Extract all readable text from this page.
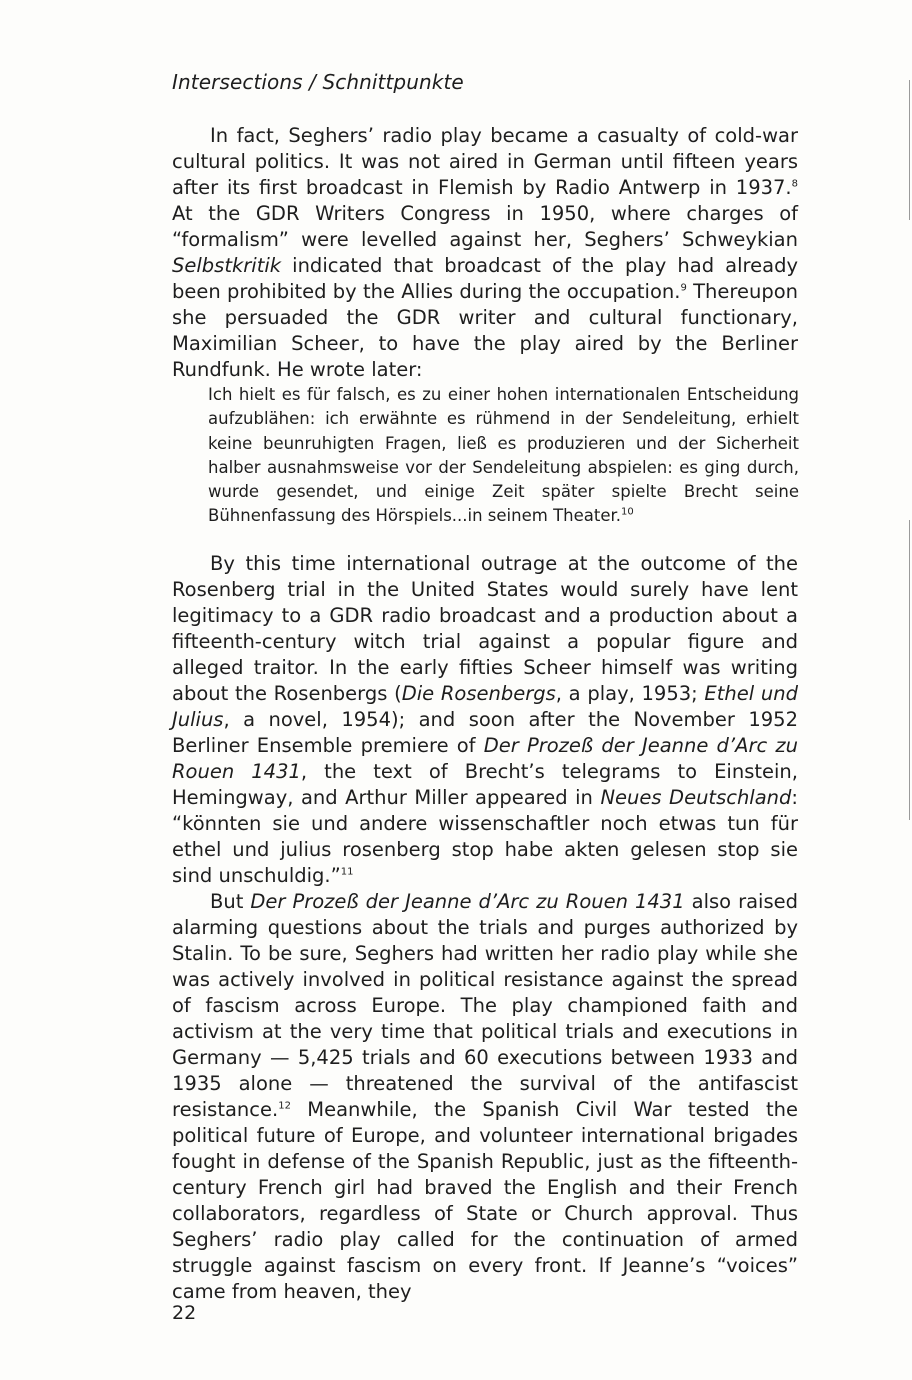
Intersections / Schnittpunkte

In fact, Seghers’ radio play became a casualty of cold-war cultural politics. It was not aired in German until fifteen years after its first broadcast in Flemish by Radio Antwerp in 1937.$^8$ At the GDR Writers Congress in 1950, where charges of “formalism” were levelled against her, Seghers’ Schweykian Selbstkritik indicated that broadcast of the play had already been prohibited by the Allies during the occupation.$^9$ Thereupon she persuaded the GDR writer and cultural functionary, Maximilian Scheer, to have the play aired by the Berliner Rundfunk. He wrote later:

Ich hielt es für falsch, es zu einer hohen internationalen Entscheidung aufzublähen: ich erwähnte es rühmend in der Sendeleitung, erhielt keine beunruhigten Fragen, ließ es produzieren und der Sicherheit halber ausnahmsweise vor der Sendeleitung abspielen: es ging durch, wurde gesendet, und einige Zeit später spielte Brecht seine Bühnenfassung des Hörspiels...in seinem Theater.$^{10}$

By this time international outrage at the outcome of the Rosenberg trial in the United States would surely have lent legitimacy to a GDR radio broadcast and a production about a fifteenth-century witch trial against a popular figure and alleged traitor. In the early fifties Scheer himself was writing about the Rosenbergs (Die Rosenbergs, a play, 1953; Ethel und Julius, a novel, 1954); and soon after the November 1952 Berliner Ensemble premiere of Der Prozeß der Jeanne d’Arc zu Rouen 1431, the text of Brecht’s telegrams to Einstein, Hemingway, and Arthur Miller appeared in Neues Deutschland: “könnten sie und andere wissenschaftler noch etwas tun für ethel und julius rosenberg stop habe akten gelesen stop sie sind unschuldig.”$^{11}$

But Der Prozeß der Jeanne d’Arc zu Rouen 1431 also raised alarming questions about the trials and purges authorized by Stalin. To be sure, Seghers had written her radio play while she was actively involved in political resistance against the spread of fascism across Europe. The play championed faith and activism at the very time that political trials and executions in Germany — 5,425 trials and 60 executions between 1933 and 1935 alone — threatened the survival of the antifascist resistance.$^{12}$ Meanwhile, the Spanish Civil War tested the political future of Europe, and volunteer international brigades fought in defense of the Spanish Republic, just as the fifteenth-century French girl had braved the English and their French collaborators, regardless of State or Church approval. Thus Seghers’ radio play called for the continuation of armed struggle against fascism on every front. If Jeanne’s “voices” came from heaven, they

22
